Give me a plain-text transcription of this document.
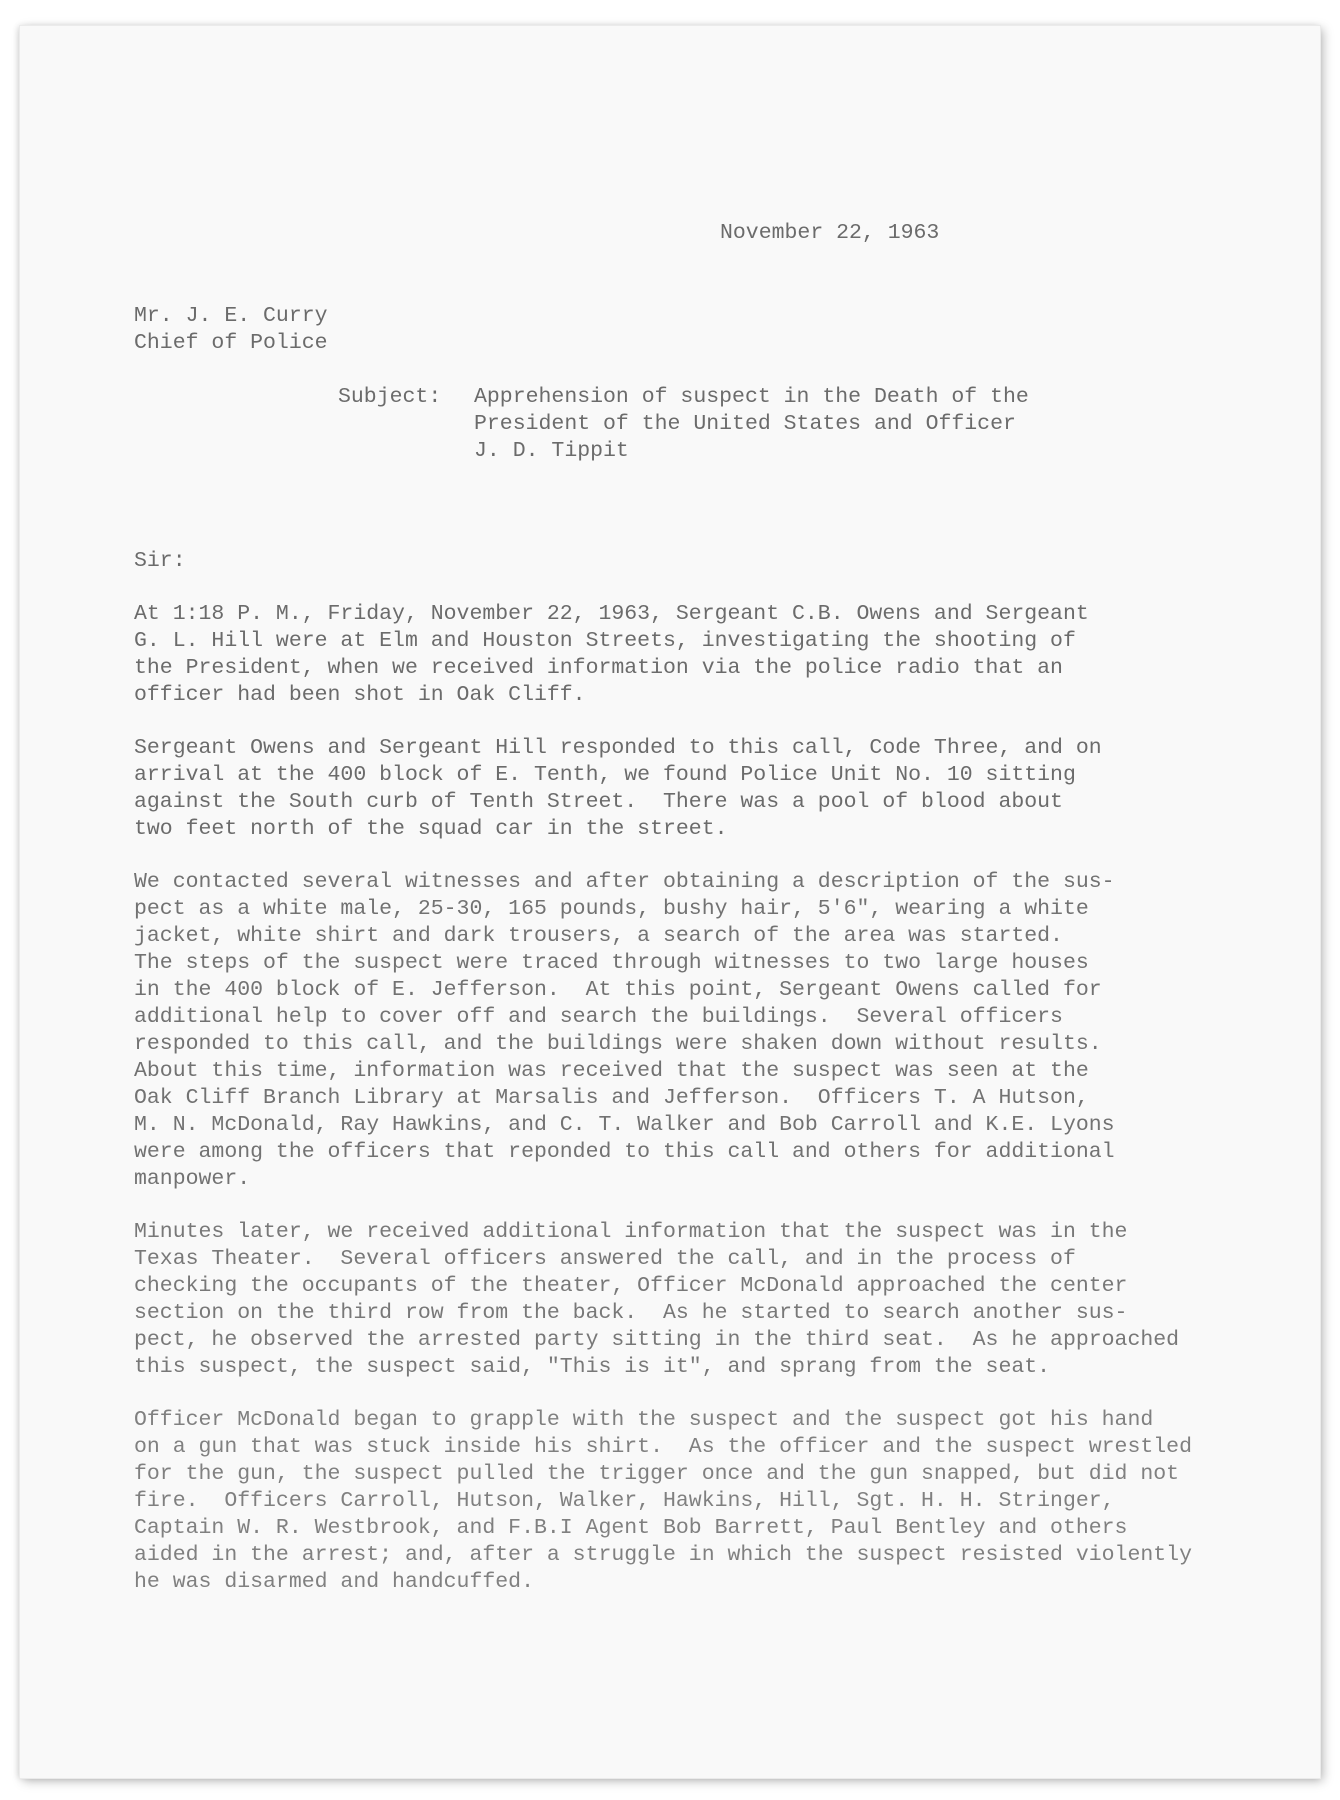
November 22, 1963
Mr. J. E. Curry
Chief of Police
Subject: Apprehension of suspect in the Death of the
President of the United States and Officer
J. D. Tippit
Sir:
At 1:18 P. M., Friday, November 22, 1963, Sergeant C.B. Owens and Sergeant
G. L. Hill were at Elm and Houston Streets, investigating the shooting of
the President, when we received information via the police radio that an
officer had been shot in Oak Cliff.
Sergeant Owens and Sergeant Hill responded to this call, Code Three, and on
arrival at the 400 block of E. Tenth, we found Police Unit No. 10 sitting
against the South curb of Tenth Street.  There was a pool of blood about
two feet north of the squad car in the street.
We contacted several witnesses and after obtaining a description of the sus-
pect as a white male, 25-30, 165 pounds, bushy hair, 5'6", wearing a white
jacket, white shirt and dark trousers, a search of the area was started.
The steps of the suspect were traced through witnesses to two large houses
in the 400 block of E. Jefferson.  At this point, Sergeant Owens called for
additional help to cover off and search the buildings.  Several officers
responded to this call, and the buildings were shaken down without results.
About this time, information was received that the suspect was seen at the
Oak Cliff Branch Library at Marsalis and Jefferson.  Officers T. A Hutson,
M. N. McDonald, Ray Hawkins, and C. T. Walker and Bob Carroll and K.E. Lyons
were among the officers that reponded to this call and others for additional
manpower.
Minutes later, we received additional information that the suspect was in the
Texas Theater.  Several officers answered the call, and in the process of
checking the occupants of the theater, Officer McDonald approached the center
section on the third row from the back.  As he started to search another sus-
pect, he observed the arrested party sitting in the third seat.  As he approached
this suspect, the suspect said, "This is it", and sprang from the seat.
Officer McDonald began to grapple with the suspect and the suspect got his hand
on a gun that was stuck inside his shirt.  As the officer and the suspect wrestled
for the gun, the suspect pulled the trigger once and the gun snapped, but did not
fire.  Officers Carroll, Hutson, Walker, Hawkins, Hill, Sgt. H. H. Stringer,
Captain W. R. Westbrook, and F.B.I Agent Bob Barrett, Paul Bentley and others
aided in the arrest; and, after a struggle in which the suspect resisted violently
he was disarmed and handcuffed.
